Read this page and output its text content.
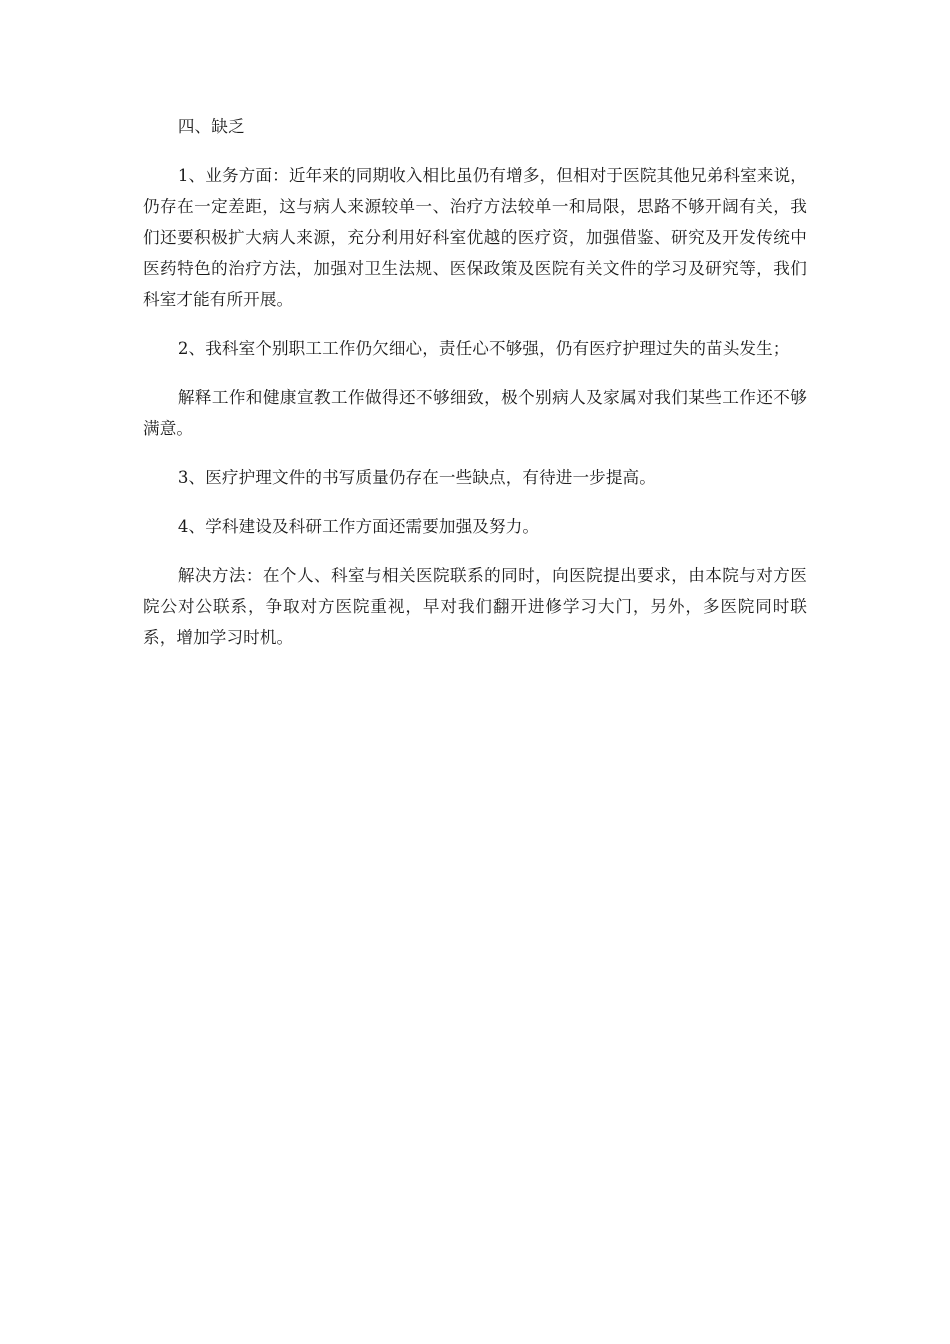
四、缺乏

1、业务方面：近年来的同期收入相比虽仍有增多，但相对于医院其他兄弟科室来说，仍存在一定差距，这与病人来源较单一、治疗方法较单一和局限，思路不够开阔有关，我们还要积极扩大病人来源，充分利用好科室优越的医疗资，加强借鉴、研究及开发传统中医药特色的治疗方法，加强对卫生法规、医保政策及医院有关文件的学习及研究等，我们科室才能有所开展。

2、我科室个别职工工作仍欠细心，责任心不够强，仍有医疗护理过失的苗头发生；

解释工作和健康宣教工作做得还不够细致，极个别病人及家属对我们某些工作还不够满意。

3、医疗护理文件的书写质量仍存在一些缺点，有待进一步提高。

4、学科建设及科研工作方面还需要加强及努力。

解决方法：在个人、科室与相关医院联系的同时，向医院提出要求，由本院与对方医院公对公联系，争取对方医院重视，早对我们翻开进修学习大门，另外，多医院同时联系，增加学习时机。
